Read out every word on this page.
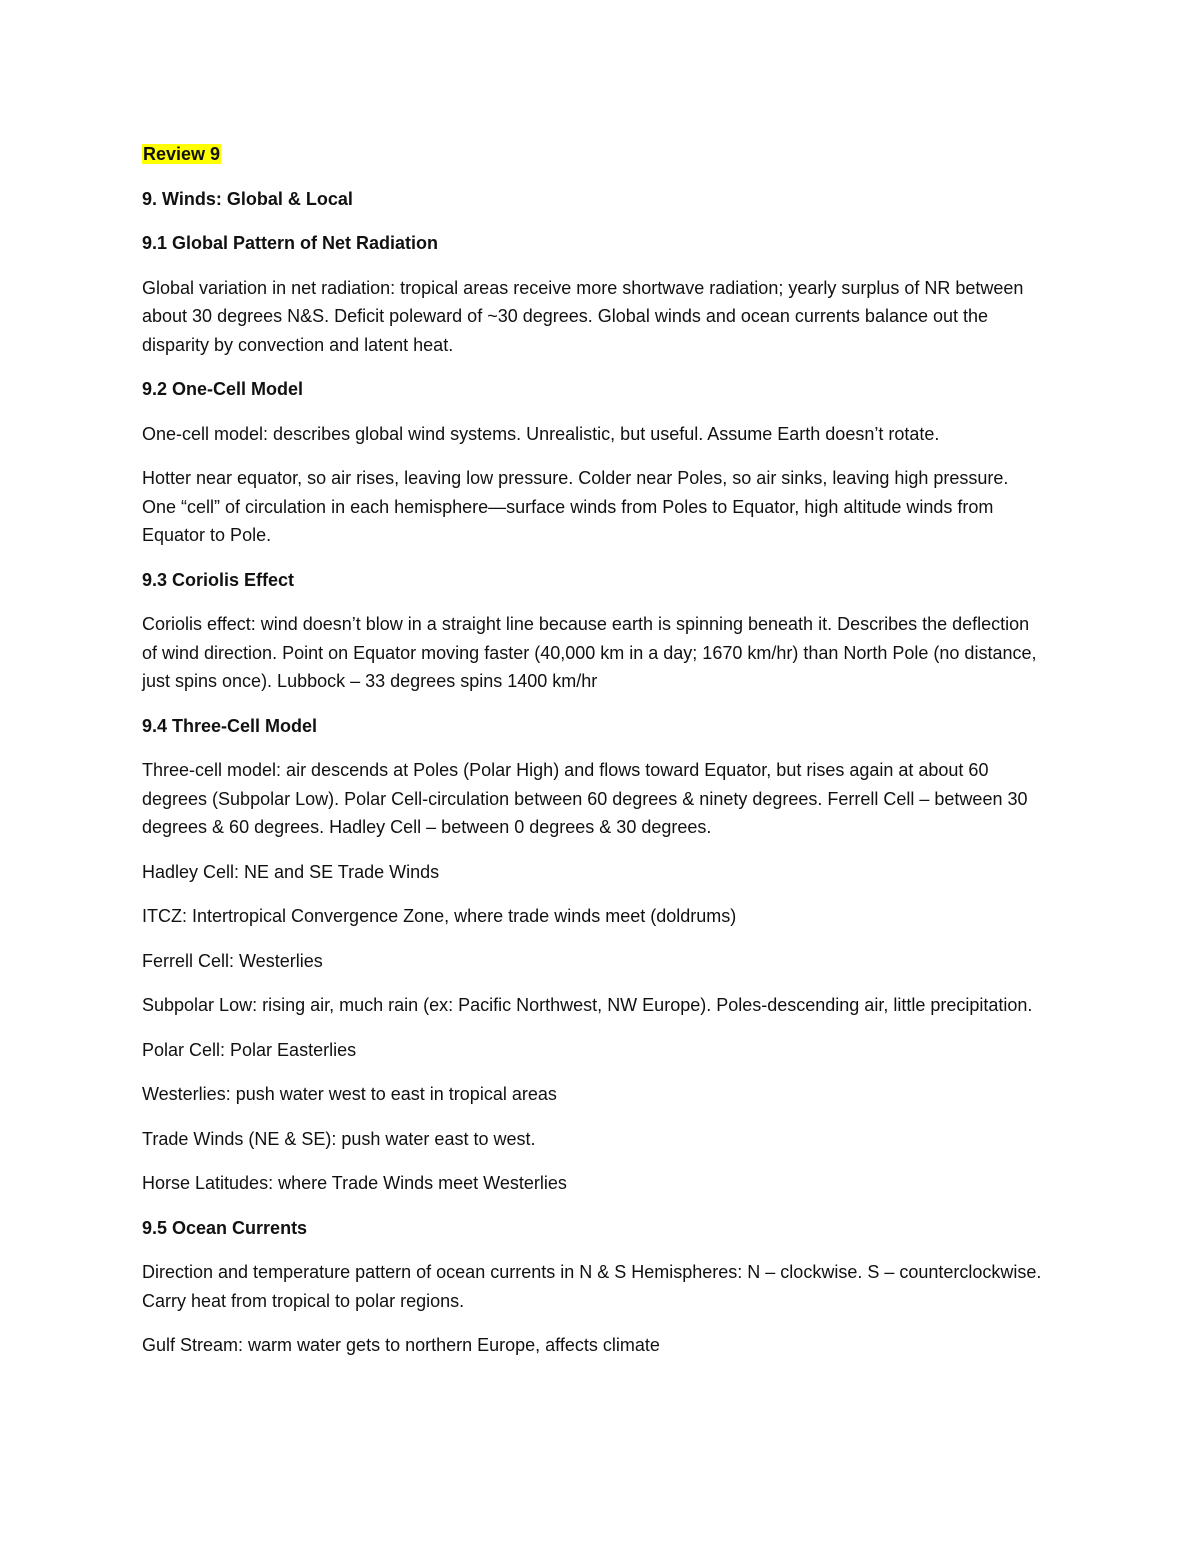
Review 9
9. Winds: Global & Local
9.1 Global Pattern of Net Radiation

Global variation in net radiation: tropical areas receive more shortwave radiation; yearly surplus of NR between about 30 degrees N&S. Deficit poleward of ~30 degrees. Global winds and ocean currents balance out the disparity by convection and latent heat.

9.2 One-Cell Model

One-cell model: describes global wind systems. Unrealistic, but useful. Assume Earth doesn’t rotate.

Hotter near equator, so air rises, leaving low pressure. Colder near Poles, so air sinks, leaving high pressure. One “cell” of circulation in each hemisphere—surface winds from Poles to Equator, high altitude winds from Equator to Pole.

9.3 Coriolis Effect

Coriolis effect: wind doesn’t blow in a straight line because earth is spinning beneath it. Describes the deflection of wind direction. Point on Equator moving faster (40,000 km in a day; 1670 km/hr) than North Pole (no distance, just spins once). Lubbock – 33 degrees spins 1400 km/hr

9.4 Three-Cell Model

Three-cell model: air descends at Poles (Polar High) and flows toward Equator, but rises again at about 60 degrees (Subpolar Low). Polar Cell-circulation between 60 degrees & ninety degrees. Ferrell Cell – between 30 degrees & 60 degrees. Hadley Cell – between 0 degrees & 30 degrees.

Hadley Cell: NE and SE Trade Winds

ITCZ: Intertropical Convergence Zone, where trade winds meet (doldrums)

Ferrell Cell: Westerlies

Subpolar Low: rising air, much rain (ex: Pacific Northwest, NW Europe). Poles-descending air, little precipitation.

Polar Cell: Polar Easterlies

Westerlies: push water west to east in tropical areas

Trade Winds (NE & SE): push water east to west.

Horse Latitudes: where Trade Winds meet Westerlies

9.5 Ocean Currents

Direction and temperature pattern of ocean currents in N & S Hemispheres: N – clockwise. S – counterclockwise. Carry heat from tropical to polar regions.

Gulf Stream: warm water gets to northern Europe, affects climate
